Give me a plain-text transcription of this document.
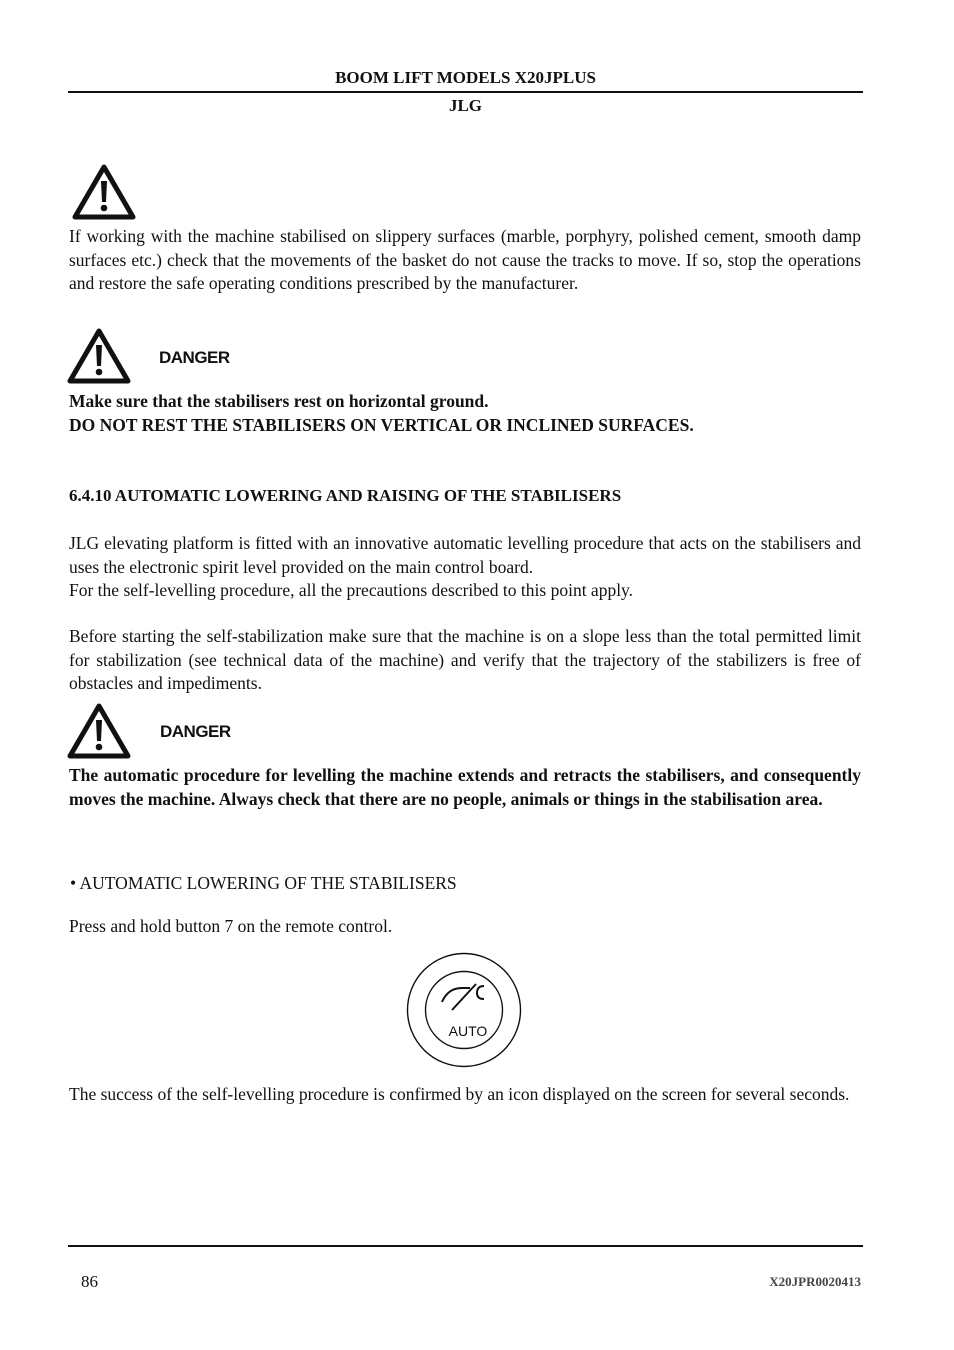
BOOM LIFT MODELS X20JPLUS
JLG
If working with the machine stabilised on slippery surfaces (marble, porphyry, polished cement, smooth damp surfaces etc.) check that the movements of the basket do not cause the tracks to move. If so, stop the operations and restore the safe operating conditions prescribed by the manufacturer.
DANGER
Make sure that the stabilisers rest on horizontal ground.
DO NOT REST THE STABILISERS ON VERTICAL OR INCLINED SURFACES.
6.4.10 AUTOMATIC LOWERING AND RAISING OF THE STABILISERS
JLG elevating platform is fitted with an innovative automatic levelling procedure that acts on the stabilisers and uses the electronic spirit level provided on the main control board.
For the self-levelling procedure, all the precautions described to this point apply.
Before starting the self-stabilization make sure that the machine is on a slope less than the total permitted limit for stabilization (see technical data of the machine) and verify that the trajectory of the stabilizers is free of obstacles and impediments.
DANGER
The automatic procedure for levelling the machine extends and retracts the stabilisers, and consequently moves the machine. Always check that there are no people, animals or things in the stabilisation area.
• AUTOMATIC LOWERING OF THE STABILISERS
Press and hold button 7 on the remote control.
AUTO
The success of the self-levelling procedure is confirmed by an icon displayed on the screen for several seconds.
86	X20JPR0020413
